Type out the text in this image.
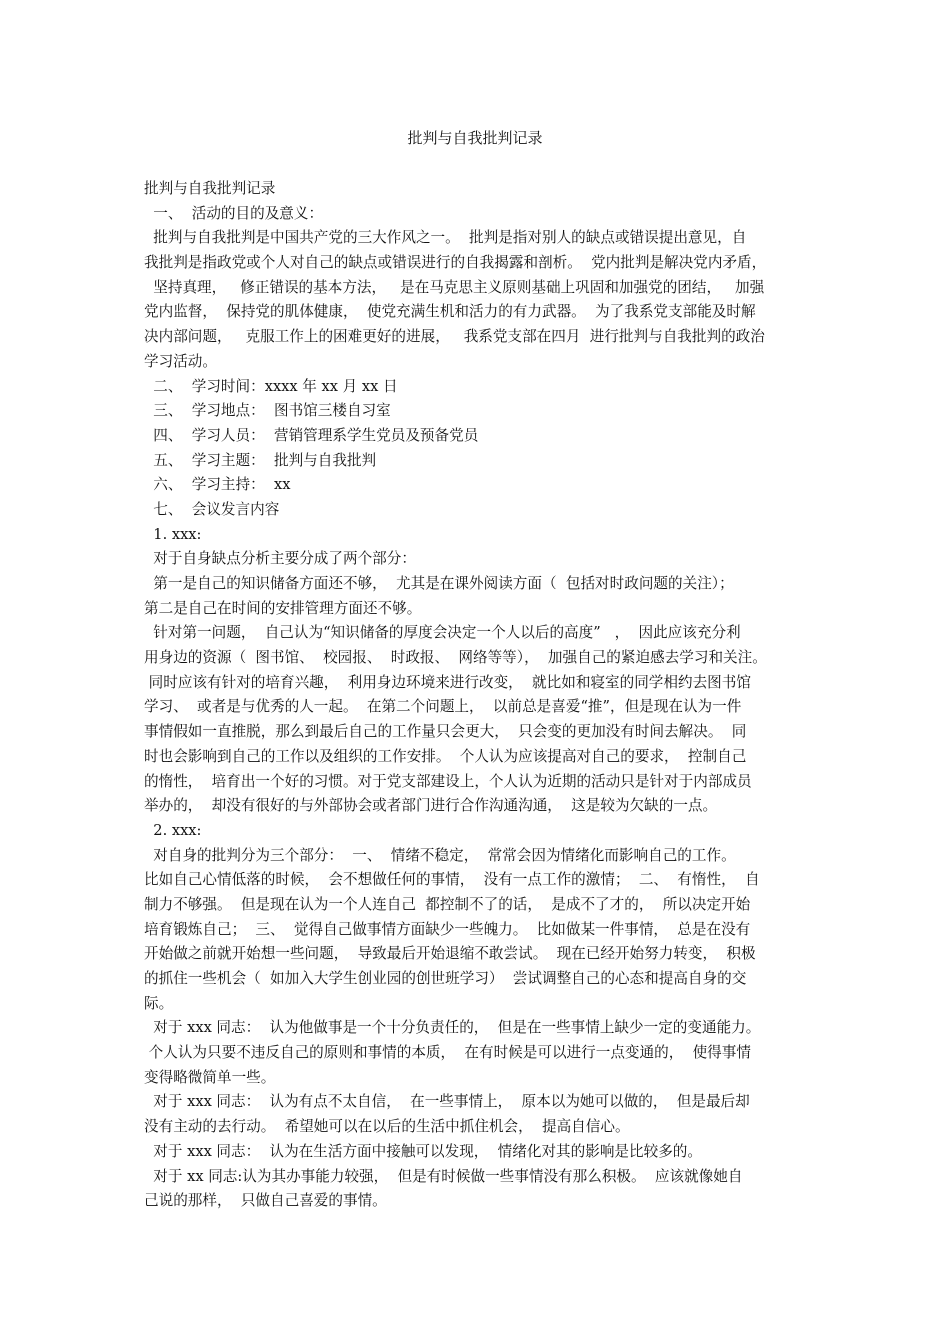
批判与自我批判记录
批判与自我批判记录
一、  活动的目的及意义：
批判与自我批判是中国共产党的三大作风之一。  批判是指对别人的缺点或错误提出意见，自
我批判是指政党或个人对自己的缺点或错误进行的自我揭露和剖析。  党内批判是解决党内矛盾，
坚持真理，   修正错误的基本方法，   是在马克思主义原则基础上巩固和加强党的团结，   加强
党内监督，  保持党的肌体健康，  使党充满生机和活力的有力武器。  为了我系党支部能及时解
决内部问题，   克服工作上的困难更好的进展，   我系党支部在四月  进行批判与自我批判的政治
学习活动。
二、  学习时间：xxxx 年 xx 月 xx 日
三、  学习地点：  图书馆三楼自习室
四、  学习人员：  营销管理系学生党员及预备党员
五、  学习主题：  批判与自我批判
六、  学习主持：  xx
七、  会议发言内容
1. xxx:
对于自身缺点分析主要分成了两个部分：
第一是自己的知识储备方面还不够，  尤其是在课外阅读方面（  包括对时政问题的关注）；
第二是自己在时间的安排管理方面还不够。
针对第一问题，  自己认为“知识储备的厚度会决定一个人以后的高度”   ，  因此应该充分利
用身边的资源（  图书馆、  校园报、  时政报、  网络等等），  加强自己的紧迫感去学习和关注。
同时应该有针对的培育兴趣，  利用身边环境来进行改变，  就比如和寝室的同学相约去图书馆
学习、  或者是与优秀的人一起。  在第二个问题上，  以前总是喜爱“推”，但是现在认为一件
事情假如一直推脱，那么到最后自己的工作量只会更大，  只会变的更加没有时间去解决。  同
时也会影响到自己的工作以及组织的工作安排。  个人认为应该提高对自己的要求，  控制自己
的惰性，  培育出一个好的习惯。对于党支部建设上，个人认为近期的活动只是针对于内部成员
举办的，  却没有很好的与外部协会或者部门进行合作沟通沟通，  这是较为欠缺的一点。
2. xxx:
对自身的批判分为三个部分：  一、  情绪不稳定，  常常会因为情绪化而影响自己的工作。
比如自己心情低落的时候，  会不想做任何的事情，  没有一点工作的激情；  二、  有惰性，  自
制力不够强。  但是现在认为一个人连自己  都控制不了的话，  是成不了才的，  所以决定开始
培育锻炼自己；  三、  觉得自己做事情方面缺少一些魄力。  比如做某一件事情，  总是在没有
开始做之前就开始想一些问题，  导致最后开始退缩不敢尝试。  现在已经开始努力转变，  积极
的抓住一些机会（  如加入大学生创业园的创世班学习）  尝试调整自己的心态和提高自身的交
际。
对于 xxx 同志：  认为他做事是一个十分负责任的，  但是在一些事情上缺少一定的变通能力。
个人认为只要不违反自己的原则和事情的本质，  在有时候是可以进行一点变通的，  使得事情
变得略微简单一些。
对于 xxx 同志：  认为有点不太自信，  在一些事情上，  原本以为她可以做的，  但是最后却
没有主动的去行动。  希望她可以在以后的生活中抓住机会，  提高自信心。
对于 xxx 同志：  认为在生活方面中接触可以发现，  情绪化对其的影响是比较多的。
对于 xx 同志:认为其办事能力较强，  但是有时候做一些事情没有那么积极。  应该就像她自
己说的那样，  只做自己喜爱的事情。
